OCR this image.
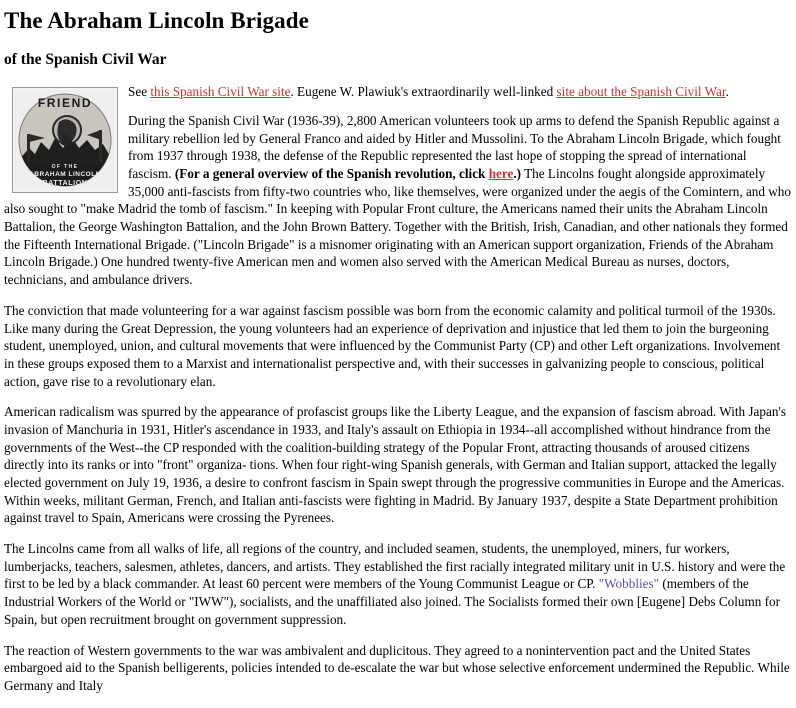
The Abraham Lincoln Brigade
of the Spanish Civil War
FRIEND
OF THE
ABRAHAM LINCOLN
BATTALION

See this Spanish Civil War site. Eugene W. Plawiuk's extraordinarily well-linked site about the Spanish Civil War.

During the Spanish Civil War (1936-39), 2,800 American volunteers took up arms to defend the Spanish Republic against a military rebellion led by General Franco and aided by Hitler and Mussolini. To the Abraham Lincoln Brigade, which fought from 1937 through 1938, the defense of the Republic represented the last hope of stopping the spread of international fascism. (For a general overview of the Spanish revolution, click here.) The Lincolns fought alongside approximately 35,000 anti-fascists from fifty-two countries who, like themselves, were organized under the aegis of the Comintern, and who also sought to "make Madrid the tomb of fascism." In keeping with Popular Front culture, the Americans named their units the Abraham Lincoln Battalion, the George Washington Battalion, and the John Brown Battery. Together with the British, Irish, Canadian, and other nationals they formed the Fifteenth International Brigade. ("Lincoln Brigade" is a misnomer originating with an American support organization, Friends of the Abraham Lincoln Brigade.) One hundred twenty-five American men and women also served with the American Medical Bureau as nurses, doctors, technicians, and ambulance drivers.

The conviction that made volunteering for a war against fascism possible was born from the economic calamity and political turmoil of the 1930s. Like many during the Great Depression, the young volunteers had an experience of deprivation and injustice that led them to join the burgeoning student, unemployed, union, and cultural movements that were influenced by the Communist Party (CP) and other Left organizations. Involvement in these groups exposed them to a Marxist and internationalist perspective and, with their successes in galvanizing people to conscious, political action, gave rise to a revolutionary elan.

American radicalism was spurred by the appearance of profascist groups like the Liberty League, and the expansion of fascism abroad. With Japan's invasion of Manchuria in 1931, Hitler's ascendance in 1933, and Italy's assault on Ethiopia in 1934--all accomplished without hindrance from the governments of the West--the CP responded with the coalition-building strategy of the Popular Front, attracting thousands of aroused citizens directly into its ranks or into "front" organiza- tions. When four right-wing Spanish generals, with German and Italian support, attacked the legally elected government on July 19, 1936, a desire to confront fascism in Spain swept through the progressive communities in Europe and the Americas. Within weeks, militant German, French, and Italian anti-fascists were fighting in Madrid. By January 1937, despite a State Department prohibition against travel to Spain, Americans were crossing the Pyrenees.

The Lincolns came from all walks of life, all regions of the country, and included seamen, students, the unemployed, miners, fur workers, lumberjacks, teachers, salesmen, athletes, dancers, and artists. They established the first racially integrated military unit in U.S. history and were the first to be led by a black commander. At least 60 percent were members of the Young Communist League or CP. "Wobblies" (members of the Industrial Workers of the World or "IWW"), socialists, and the unaffiliated also joined. The Socialists formed their own [Eugene] Debs Column for Spain, but open recruitment brought on government suppression.

The reaction of Western governments to the war was ambivalent and duplicitous. They agreed to a nonintervention pact and the United States embargoed aid to the Spanish belligerents, policies intended to de-escalate the war but whose selective enforcement undermined the Republic. While Germany and Italy
